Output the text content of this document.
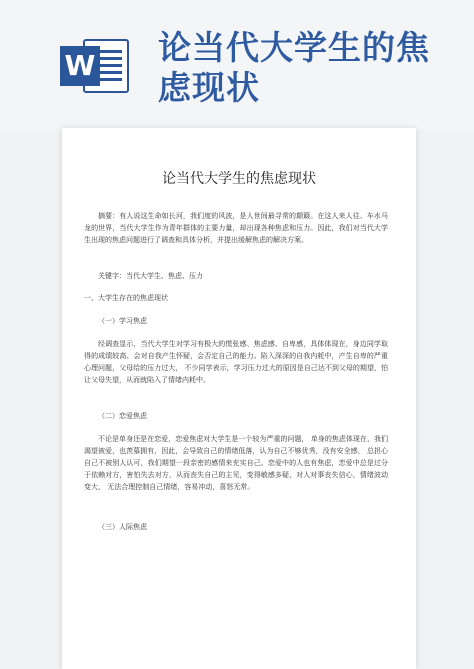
W 论当代大学生的焦
虑现状
论当代大学生的焦虑现状

摘要：有人说这生命如长河，我们度的风波，是人世间最寻常的颠簸。在这人来人往、车水马龙的世界，当代大学生作为青年群体的主要力量，却出现各种焦虑和压力。因此，我们对当代大学生出现的焦虑问题进行了调查和具体分析，并提出缓解焦虑的解决方案。

关键字：当代大学生、焦虑、压力

一、大学生存在的焦虑现状
（一）学习焦虑

经调查显示，当代大学生对学习有极大的慌张感、焦虑感、自卑感，具体体现在，身边同学取得的成绩较高、会对自我产生怀疑，会否定自己的能力。陷入深深的自我内耗中，产生自卑的严重心理问题，父母给的压力过大， 不少同学表示，学习压力过大的原因是自己达不到父母的期望，怕让父母失望，从而就陷入了情绪内耗中。

（二）恋爱焦虑

不论是单身还是在恋爱，恋爱焦虑对大学生是一个较为严重的问题， 单身的焦虑体现在，我们渴望被爱，也羡慕拥有，因此，会导致自己的情绪低落，认为自己不够优秀，没有安全感， 总担心自己不被别人认可，我们期望一段亲密的感情来充实自己。恋爱中的人也有焦虑，恋爱中总是过分于依赖对方，害怕失去对方，从而丧失自己的主见，变得敏感多疑，对人对事丧失信心，情绪波动变大， 无法合理控制自己情绪，容易冲动，喜怒无常。

（三）人际焦虑
